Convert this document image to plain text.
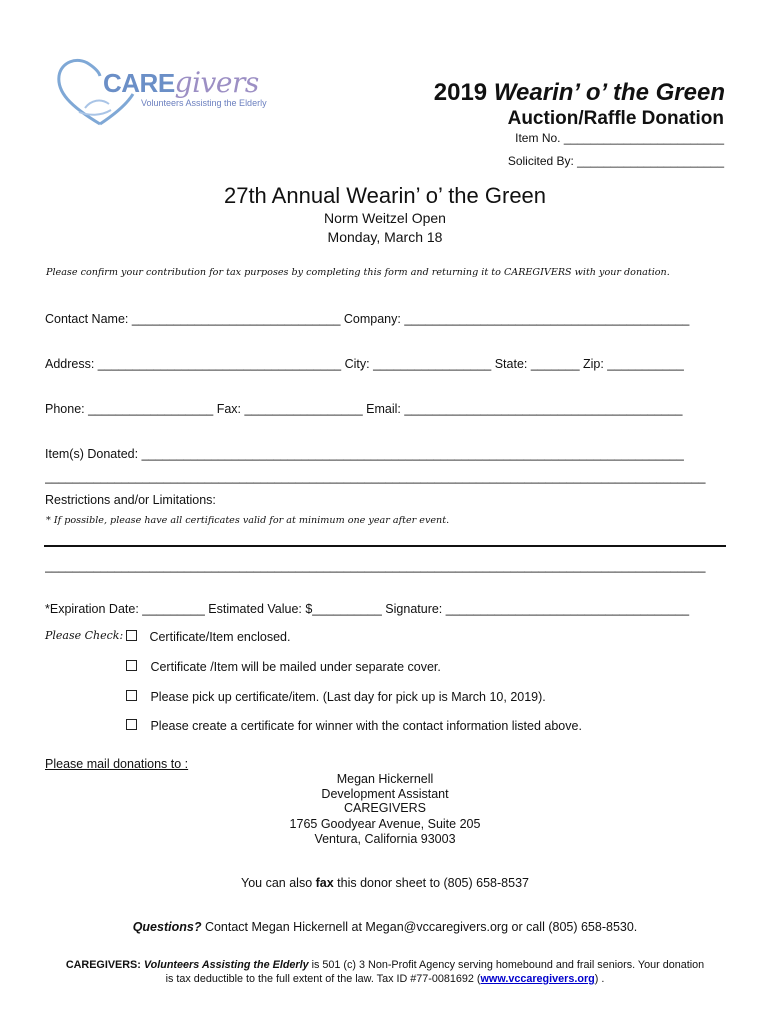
CAREgivers
Volunteers Assisting the Elderly	2019 Wearin’ o’ the Green
Auction/Raffle Donation
Item No. ________________________
Solicited By: ______________________
27th Annual Wearin’ o’ the Green
Norm Weitzel Open
Monday, March 18
Please confirm your contribution for tax purposes by completing this form and returning it to CAREGIVERS with your donation.
Contact Name: ______________________________ Company: _________________________________________
Address: ___________________________________ City: _________________ State: _______ Zip: ___________
Phone: __________________ Fax: _________________ Email: ________________________________________
Item(s) Donated: ______________________________________________________________________________
_______________________________________________________________________________________________
Restrictions and/or Limitations:
* If possible, please have all certificates valid for at minimum one year after event.
_______________________________________________________________________________________________
*Expiration Date: _________ Estimated Value: $__________ Signature: ___________________________________
Please Check:	Certificate/Item enclosed.
Certificate /Item will be mailed under separate cover.
Please pick up certificate/item. (Last day for pick up is March 10, 2019).
Please create a certificate for winner with the contact information listed above.
Please mail donations to :
Megan Hickernell
Development Assistant
CAREGIVERS
1765 Goodyear Avenue, Suite 205
Ventura, California 93003
You can also fax this donor sheet to (805) 658-8537
Questions? Contact Megan Hickernell at Megan@vccaregivers.org or call (805) 658-8530.
CAREGIVERS: Volunteers Assisting the Elderly is 501 (c) 3 Non-Profit Agency serving homebound and frail seniors. Your donation
is tax deductible to the full extent of the law. Tax ID #77-0081692 (www.vccaregivers.org) .
